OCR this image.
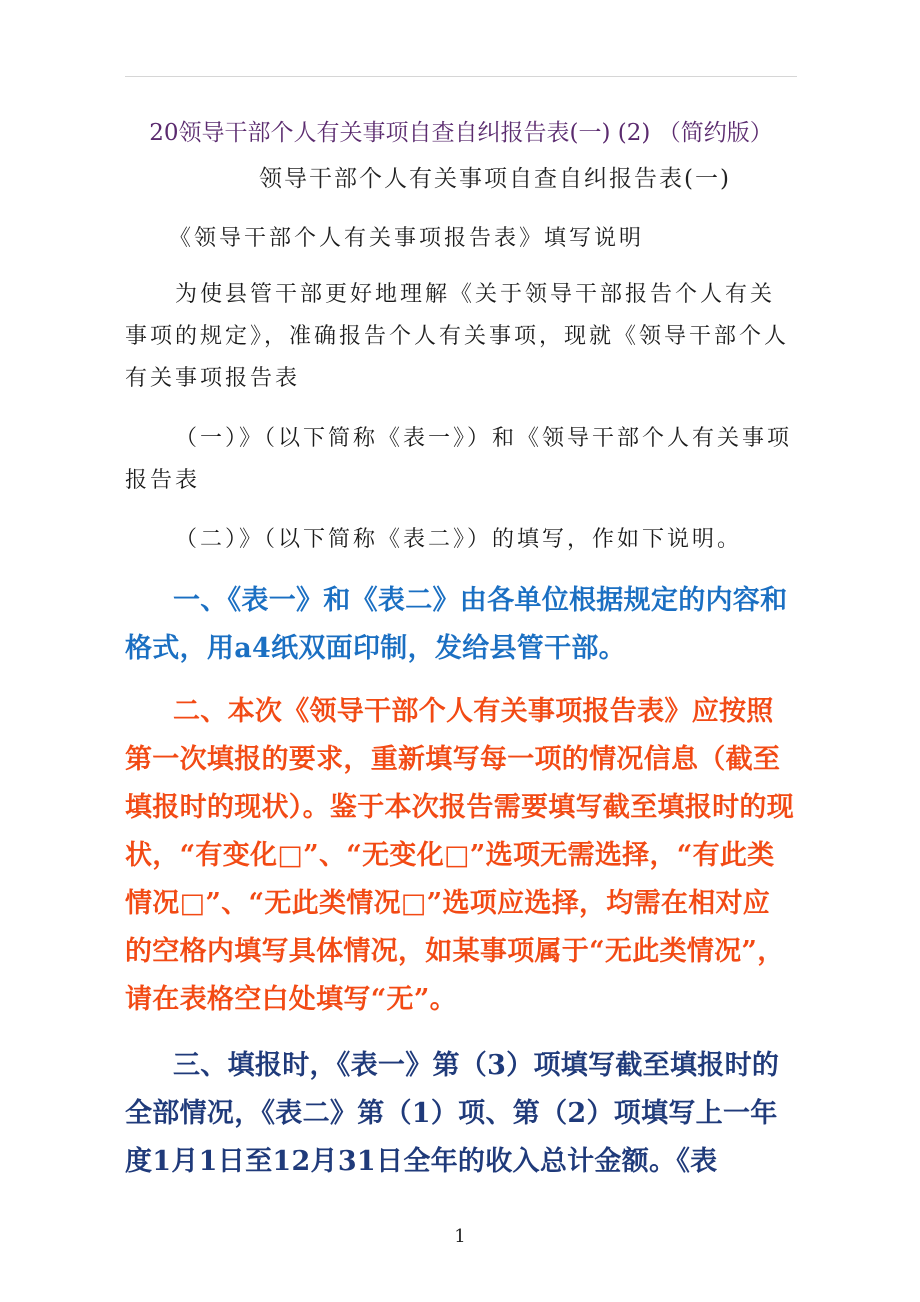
20领导干部个人有关事项自查自纠报告表(一) (2) （简约版）

领导干部个人有关事项自查自纠报告表(一)

《领导干部个人有关事项报告表》填写说明

为使县管干部更好地理解《关于领导干部报告个人有关事项的规定》，准确报告个人有关事项，现就《领导干部个人有关事项报告表

（一）》（以下简称《表一》）和《领导干部个人有关事项报告表

（二）》（以下简称《表二》）的填写，作如下说明。

一、《表一》和《表二》由各单位根据规定的内容和格式，用a4纸双面印制，发给县管干部。

二、本次《领导干部个人有关事项报告表》应按照第一次填报的要求，重新填写每一项的情况信息（截至填报时的现状）。鉴于本次报告需要填写截至填报时的现状，“有变化□”、“无变化□”选项无需选择，“有此类情况□”、“无此类情况□”选项应选择，均需在相对应的空格内填写具体情况，如某事项属于“无此类情况”，请在表格空白处填写“无”。

三、填报时，《表一》第（3）项填写截至填报时的全部情况，《表二》第（1）项、第（2）项填写上一年度1月1日至12月31日全年的收入总计金额。《表

1
